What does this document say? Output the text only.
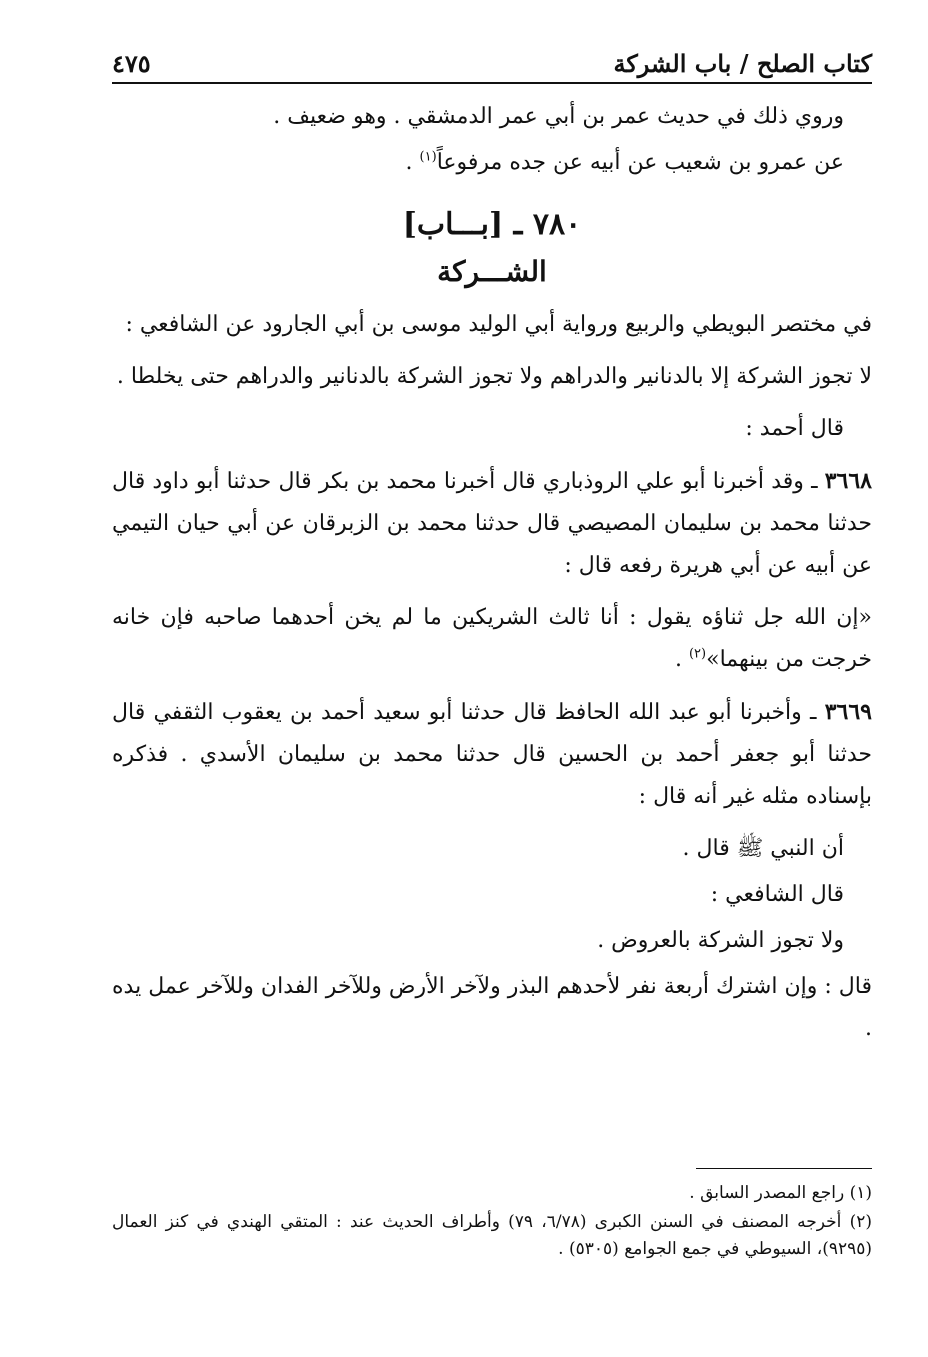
كتاب الصلح / باب الشركة
٤٧٥

وروي ذلك في حديث عمر بن أبي عمر الدمشقي . وهو ضعيف .

عن عمرو بن شعيب عن أبيه عن جده مرفوعاً$^{(١)}$ .

٧٨٠ ـ [بـــاب]
الشـــركة

في مختصر البويطي والربيع ورواية أبي الوليد موسى بن أبي الجارود عن الشافعي :

لا تجوز الشركة إلا بالدنانير والدراهم ولا تجوز الشركة بالدنانير والدراهم حتى يخلطا .

قال أحمد :

٣٦٦٨ ـ وقد أخبرنا أبو علي الروذباري قال أخبرنا محمد بن بكر قال حدثنا أبو داود قال حدثنا محمد بن سليمان المصيصي قال حدثنا محمد بن الزبرقان عن أبي حيان التيمي عن أبيه عن أبي هريرة رفعه قال :

«إن الله جل ثناؤه يقول : أنا ثالث الشريكين ما لم يخن أحدهما صاحبه فإن خانه خرجت من بينهما»$^{(٢)}$ .

٣٦٦٩ ـ وأخبرنا أبو عبد الله الحافظ قال حدثنا أبو سعيد أحمد بن يعقوب الثقفي قال حدثنا أبو جعفر أحمد بن الحسين قال حدثنا محمد بن سليمان الأسدي . فذكره بإسناده مثله غير أنه قال :

أن النبي ﷺ قال .

قال الشافعي :

ولا تجوز الشركة بالعروض .

قال : وإن اشترك أربعة نفر لأحدهم البذر ولآخر الأرض وللآخر الفدان وللآخر عمل يده .

(١) راجع المصدر السابق .

(٢) أخرجه المصنف في السنن الكبرى (٦/٧٨، ٧٩) وأطراف الحديث عند : المتقي الهندي في كنز العمال (٩٢٩٥)، السيوطي في جمع الجوامع (٥٣٠٥) .
